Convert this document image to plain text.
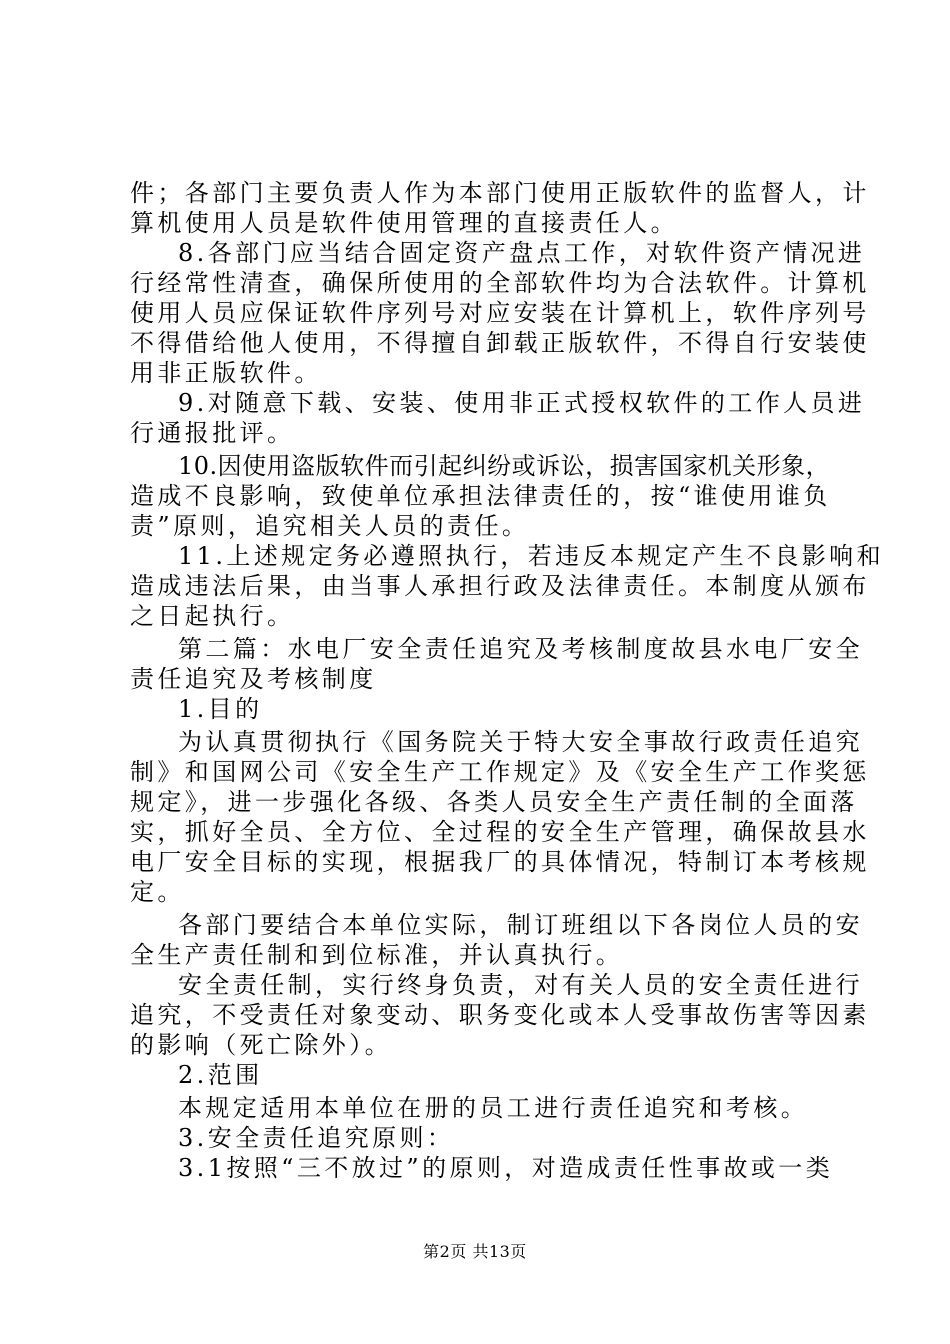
件；各部门主要负责人作为本部门使用正版软件的监督人，计
算机使用人员是软件使用管理的直接责任人。
8.各部门应当结合固定资产盘点工作，对软件资产情况进
行经常性清查，确保所使用的全部软件均为合法软件。计算机
使用人员应保证软件序列号对应安装在计算机上，软件序列号
不得借给他人使用，不得擅自卸载正版软件，不得自行安装使
用非正版软件。
9.对随意下载、安装、使用非正式授权软件的工作人员进
行通报批评。
10.因使用盗版软件而引起纠纷或诉讼，损害国家机关形象，
造成不良影响，致使单位承担法律责任的，按“谁使用谁负
责”原则，追究相关人员的责任。
11.上述规定务必遵照执行，若违反本规定产生不良影响和
造成违法后果，由当事人承担行政及法律责任。本制度从颁布
之日起执行。
第二篇：水电厂安全责任追究及考核制度故县水电厂安全
责任追究及考核制度
1.目的
为认真贯彻执行《国务院关于特大安全事故行政责任追究
制》和国网公司《安全生产工作规定》及《安全生产工作奖惩
规定》，进一步强化各级、各类人员安全生产责任制的全面落
实，抓好全员、全方位、全过程的安全生产管理，确保故县水
电厂安全目标的实现，根据我厂的具体情况，特制订本考核规
定。
各部门要结合本单位实际，制订班组以下各岗位人员的安
全生产责任制和到位标准，并认真执行。
安全责任制，实行终身负责，对有关人员的安全责任进行
追究，不受责任对象变动、职务变化或本人受事故伤害等因素
的影响（死亡除外）。
2.范围
本规定适用本单位在册的员工进行责任追究和考核。
3.安全责任追究原则：
3.1按照“三不放过”的原则，对造成责任性事故或一类
第2页 共13页
